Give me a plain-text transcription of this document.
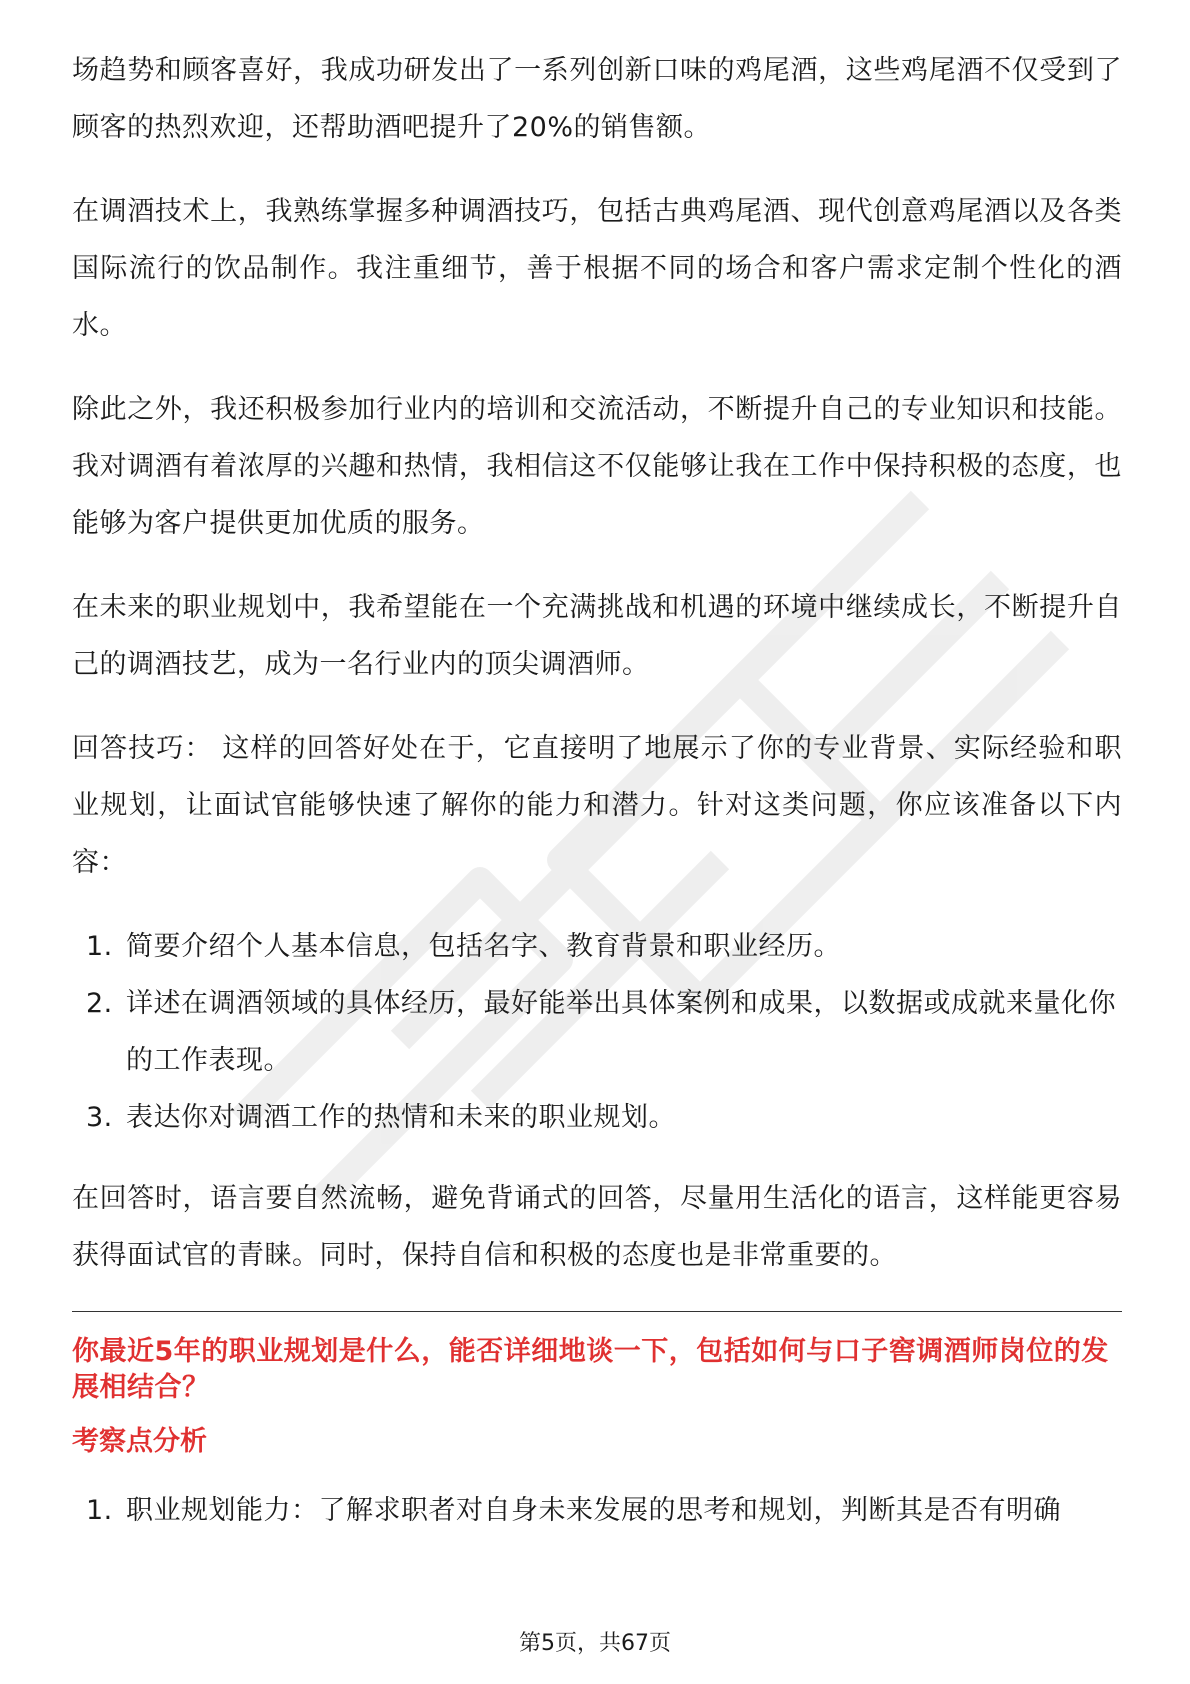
场趋势和顾客喜好，我成功研发出了一系列创新口味的鸡尾酒，这些鸡尾酒不仅受到了顾客的热烈欢迎，还帮助酒吧提升了20%的销售额。

在调酒技术上，我熟练掌握多种调酒技巧，包括古典鸡尾酒、现代创意鸡尾酒以及各类国际流行的饮品制作。我注重细节，善于根据不同的场合和客户需求定制个性化的酒水。

除此之外，我还积极参加行业内的培训和交流活动，不断提升自己的专业知识和技能。我对调酒有着浓厚的兴趣和热情，我相信这不仅能够让我在工作中保持积极的态度，也能够为客户提供更加优质的服务。

在未来的职业规划中，我希望能在一个充满挑战和机遇的环境中继续成长，不断提升自己的调酒技艺，成为一名行业内的顶尖调酒师。

回答技巧： 这样的回答好处在于，它直接明了地展示了你的专业背景、实际经验和职业规划，让面试官能够快速了解你的能力和潜力。针对这类问题，你应该准备以下内容：

1. 简要介绍个人基本信息，包括名字、教育背景和职业经历。
2. 详述在调酒领域的具体经历，最好能举出具体案例和成果，以数据或成就来量化你的工作表现。
3. 表达你对调酒工作的热情和未来的职业规划。

在回答时，语言要自然流畅，避免背诵式的回答，尽量用生活化的语言，这样能更容易获得面试官的青睐。同时，保持自信和积极的态度也是非常重要的。

你最近5年的职业规划是什么，能否详细地谈一下，包括如何与口子窖调酒师岗位的发展相结合？
考察点分析
1. 职业规划能力：了解求职者对自身未来发展的思考和规划，判断其是否有明确
第5页，共67页
